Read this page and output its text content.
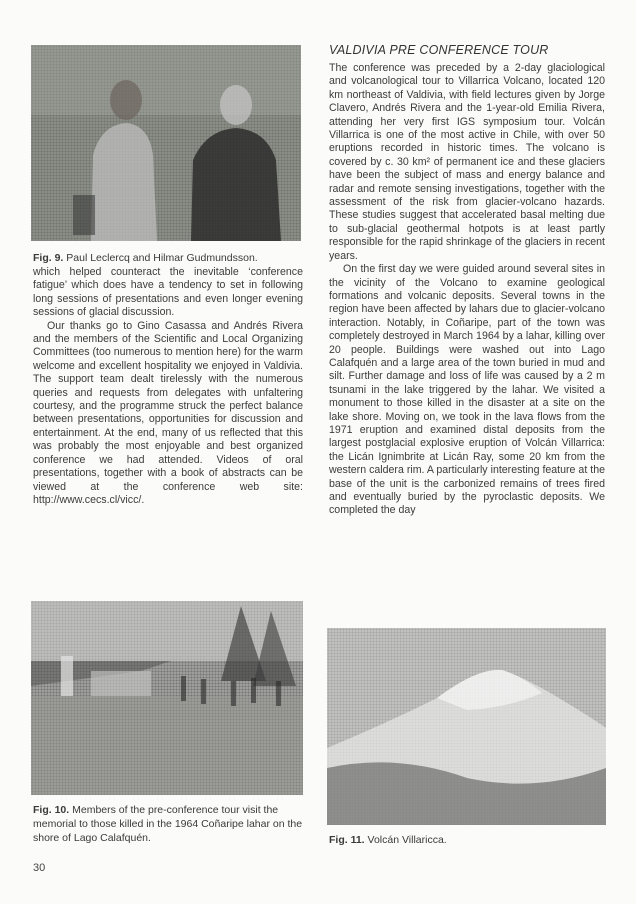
Fig. 9. Paul Leclercq and Hilmar Gudmundsson.

which helped counteract the inevitable ‘conference fatigue’ which does have a tendency to set in following long sessions of presentations and even longer evening sessions of glacial discussion.

Our thanks go to Gino Casassa and Andrés Rivera and the members of the Scientific and Local Organizing Committees (too numerous to mention here) for the warm welcome and excellent hospitality we enjoyed in Valdivia. The support team dealt tirelessly with the numerous queries and requests from delegates with unfaltering courtesy, and the programme struck the perfect balance between presentations, opportunities for discussion and entertainment. At the end, many of us reflected that this was probably the most enjoyable and best organized conference we had attended. Videos of oral presentations, together with a book of abstracts can be viewed at the conference web site: http://www.cecs.cl/vicc/.

VALDIVIA PRE CONFERENCE TOUR

The conference was preceded by a 2-day glaciological and volcanological tour to Villarrica Volcano, located 120 km northeast of Valdivia, with field lectures given by Jorge Clavero, Andrés Rivera and the 1-year-old Emilia Rivera, attending her very first IGS symposium tour. Volcán Villarrica is one of the most active in Chile, with over 50 eruptions recorded in historic times. The volcano is covered by c. 30 km² of permanent ice and these glaciers have been the subject of mass and energy balance and radar and remote sensing investigations, together with the assessment of the risk from glacier-volcano hazards. These studies suggest that accelerated basal melting due to sub-glacial geothermal hotpots is at least partly responsible for the rapid shrinkage of the glaciers in recent years.

On the first day we were guided around several sites in the vicinity of the Volcano to examine geological formations and volcanic deposits. Several towns in the region have been affected by lahars due to glacier-volcano interaction. Notably, in Coñaripe, part of the town was completely destroyed in March 1964 by a lahar, killing over 20 people. Buildings were washed out into Lago Calafquén and a large area of the town buried in mud and silt. Further damage and loss of life was caused by a 2 m tsunami in the lake triggered by the lahar. We visited a monument to those killed in the disaster at a site on the lake shore. Moving on, we took in the lava flows from the 1971 eruption and examined distal deposits from the largest postglacial explosive eruption of Volcán Villarrica: the Licán Ignimbrite at Licán Ray, some 20 km from the western caldera rim. A particularly interesting feature at the base of the unit is the carbonized remains of trees fired and eventually buried by the pyroclastic deposits. We completed the day

Fig. 10. Members of the pre-conference tour visit the memorial to those killed in the 1964 Coñaripe lahar on the shore of Lago Calafquén.	Fig. 11. Volcán Villaricca.
30
